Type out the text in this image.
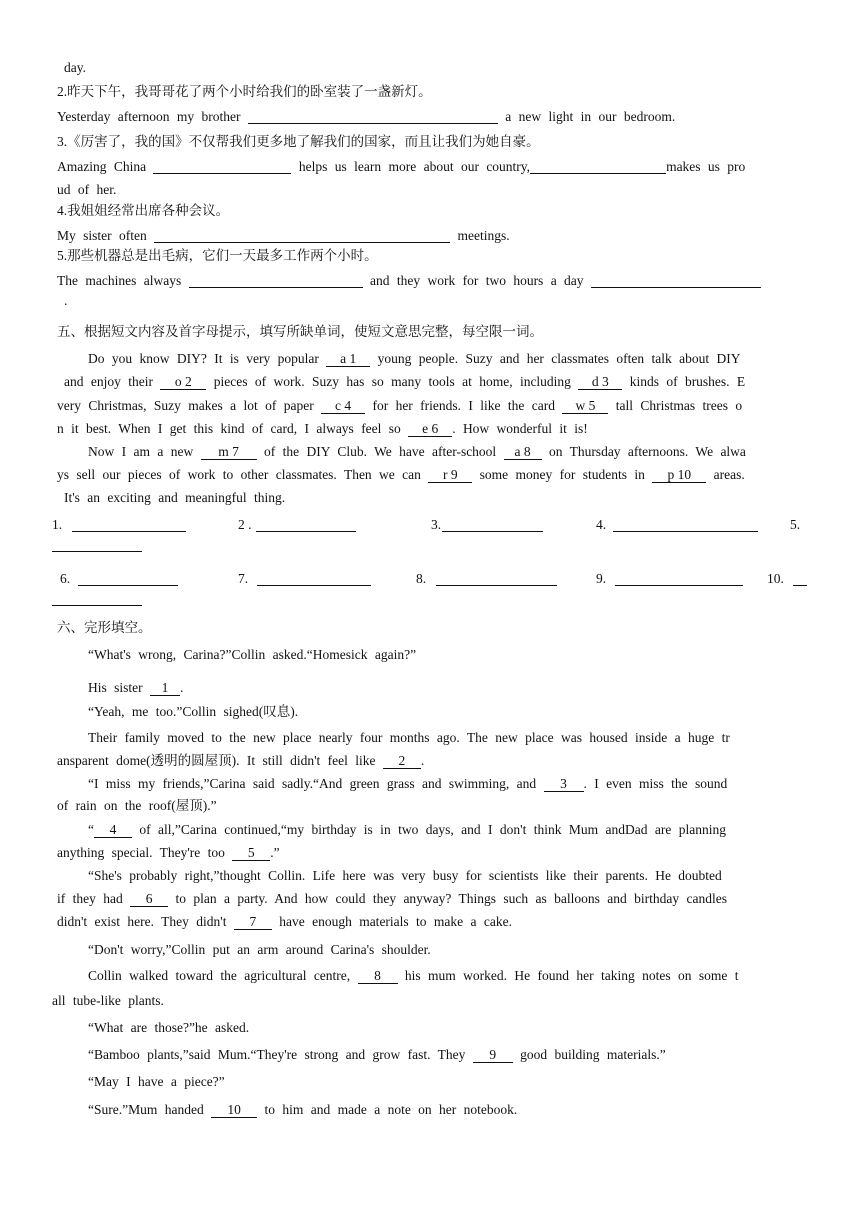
day.
2.昨天下午，我哥哥花了两个小时给我们的卧室装了一盏新灯。
Yesterday afternoon my brother	a new light in our bedroom.
3.《厉害了，我的国》不仅帮我们更多地了解我们的国家，而且让我们为她自豪。
Amazing China	helps us learn more about our country,	makes us pro
ud of her.
4.我姐姐经常出席各种会议。
My sister often	meetings.
5.那些机器总是出毛病，它们一天最多工作两个小时。
The machines always	and they work for two hours a day
.
五、根据短文内容及首字母提示，填写所缺单词，使短文意思完整，每空限一词。
Do you know DIY? It is very popular a 1 young people. Suzy and her classmates often talk about DIY
and enjoy their o 2 pieces of work. Suzy has so many tools at home, including d 3 kinds of brushes. E
very Christmas, Suzy makes a lot of paper c 4 for her friends. I like the card w 5 tall Christmas trees o
n it best. When I get this kind of card, I always feel so e 6. How wonderful it is!
Now I am a new m 7 of the DIY Club. We have after-school a 8 on Thursday afternoons. We alwa
ys sell our pieces of work to other classmates. Then we can r 9 some money for students in p 10 areas.
It's an exciting and meaningful thing.
1.	2 .	3.	4.	5.
6.	7.	8.	9.	10.
六、完形填空。
“What's wrong, Carina?”Collin asked.“Homesick again?”
His sister 1 .
“Yeah, me too.”Collin sighed(叹息).
Their family moved to the new place nearly four months ago. The new place was housed inside a huge tr
ansparent dome(透明的圆屋顶). It still didn't feel like 2 .
“I miss my friends,”Carina said sadly.“And green grass and swimming, and 3 . I even miss the sound
of rain on the roof(屋顶).”
“ 4 of all,”Carina continued,“my birthday is in two days, and I don't think Mum andDad are planning
anything special. They're too 5 .”
“She's probably right,”thought Collin. Life here was very busy for scientists like their parents. He doubted
if they had 6 to plan a party. And how could they anyway? Things such as balloons and birthday candles
didn't exist here. They didn't 7 have enough materials to make a cake.
“Don't worry,”Collin put an arm around Carina's shoulder.
Collin walked toward the agricultural centre, 8 his mum worked. He found her taking notes on some t
all tube-like plants.
“What are those?”he asked.
“Bamboo plants,”said Mum.“They're strong and grow fast. They 9 good building materials.”
“May I have a piece?”
“Sure.”Mum handed 10 to him and made a note on her notebook.
